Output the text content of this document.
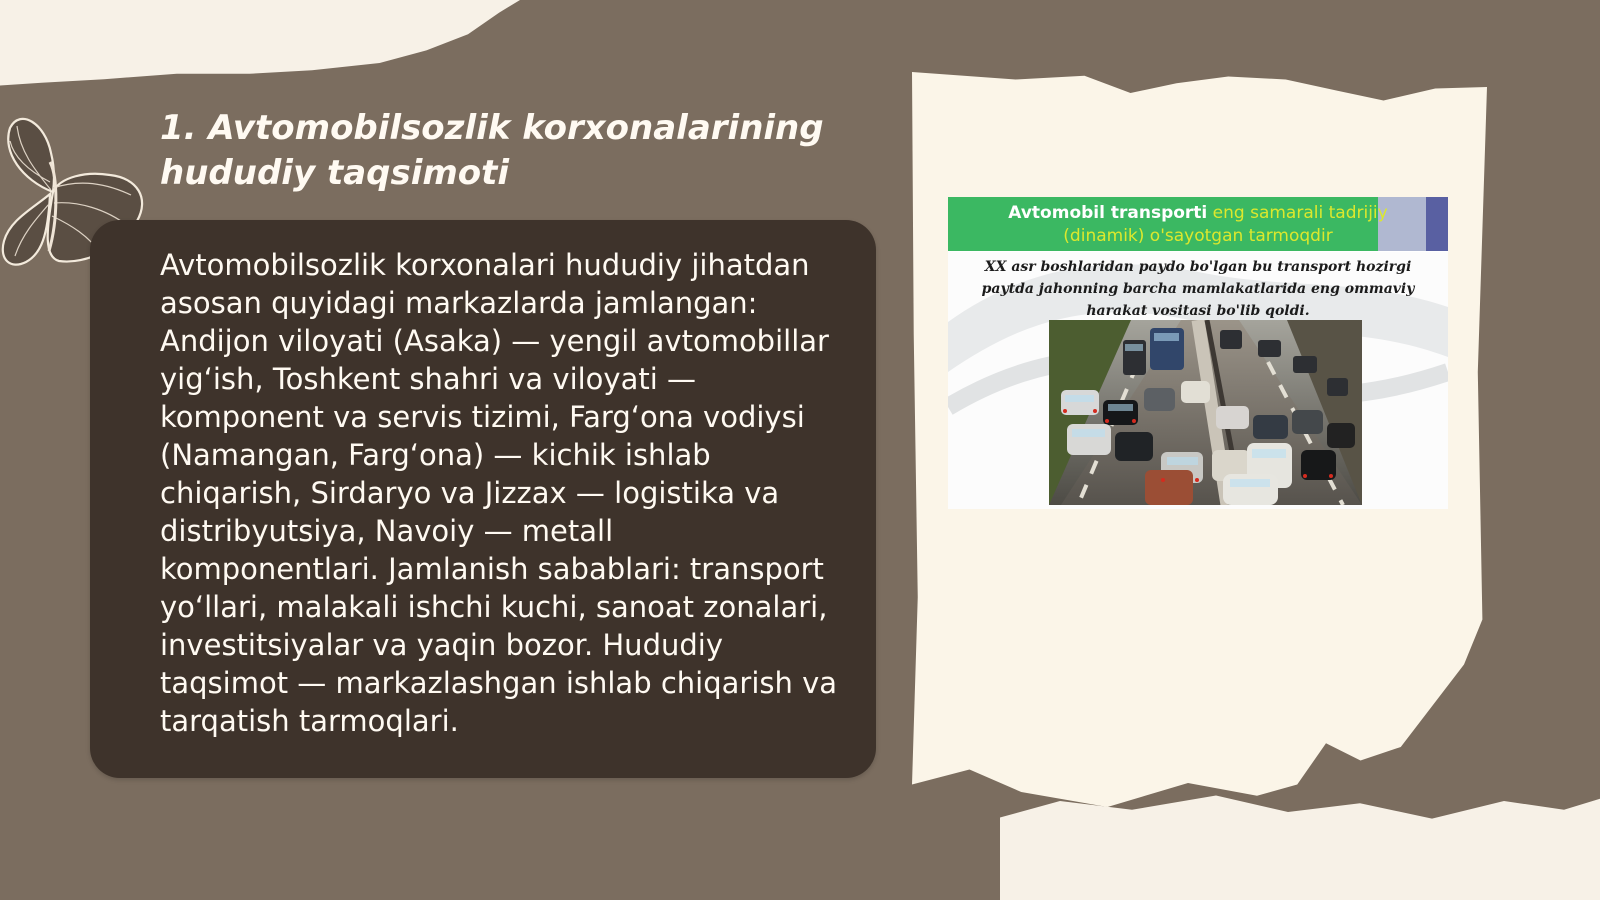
1. Avtomobilsozlik korxonalarining hududiy taqsimoti

Avtomobilsozlik korxonalari hududiy jihatdan asosan quyidagi markazlarda jamlangan: Andijon viloyati (Asaka) — yengil avtomobillar yig‘ish, Toshkent shahri va viloyati — komponent va servis tizimi, Farg‘ona vodiysi (Namangan, Farg‘ona) — kichik ishlab chiqarish, Sirdaryo va Jizzax — logistika va distribyutsiya, Navoiy — metall komponentlari. Jamlanish sabablari: transport yo‘llari, malakali ishchi kuchi, sanoat zonalari, investitsiyalar va yaqin bozor. Hududiy taqsimot — markazlashgan ishlab chiqarish va tarqatish tarmoqlari.

Avtomobil transporti eng samarali tadrijiy
(dinamik) o'sayotgan tarmoqdir

XX asr boshlaridan paydo bo'lgan bu transport hozirgi paytda jahonning barcha mamlakatlarida eng ommaviy harakat vositasi bo'lib qoldi.
